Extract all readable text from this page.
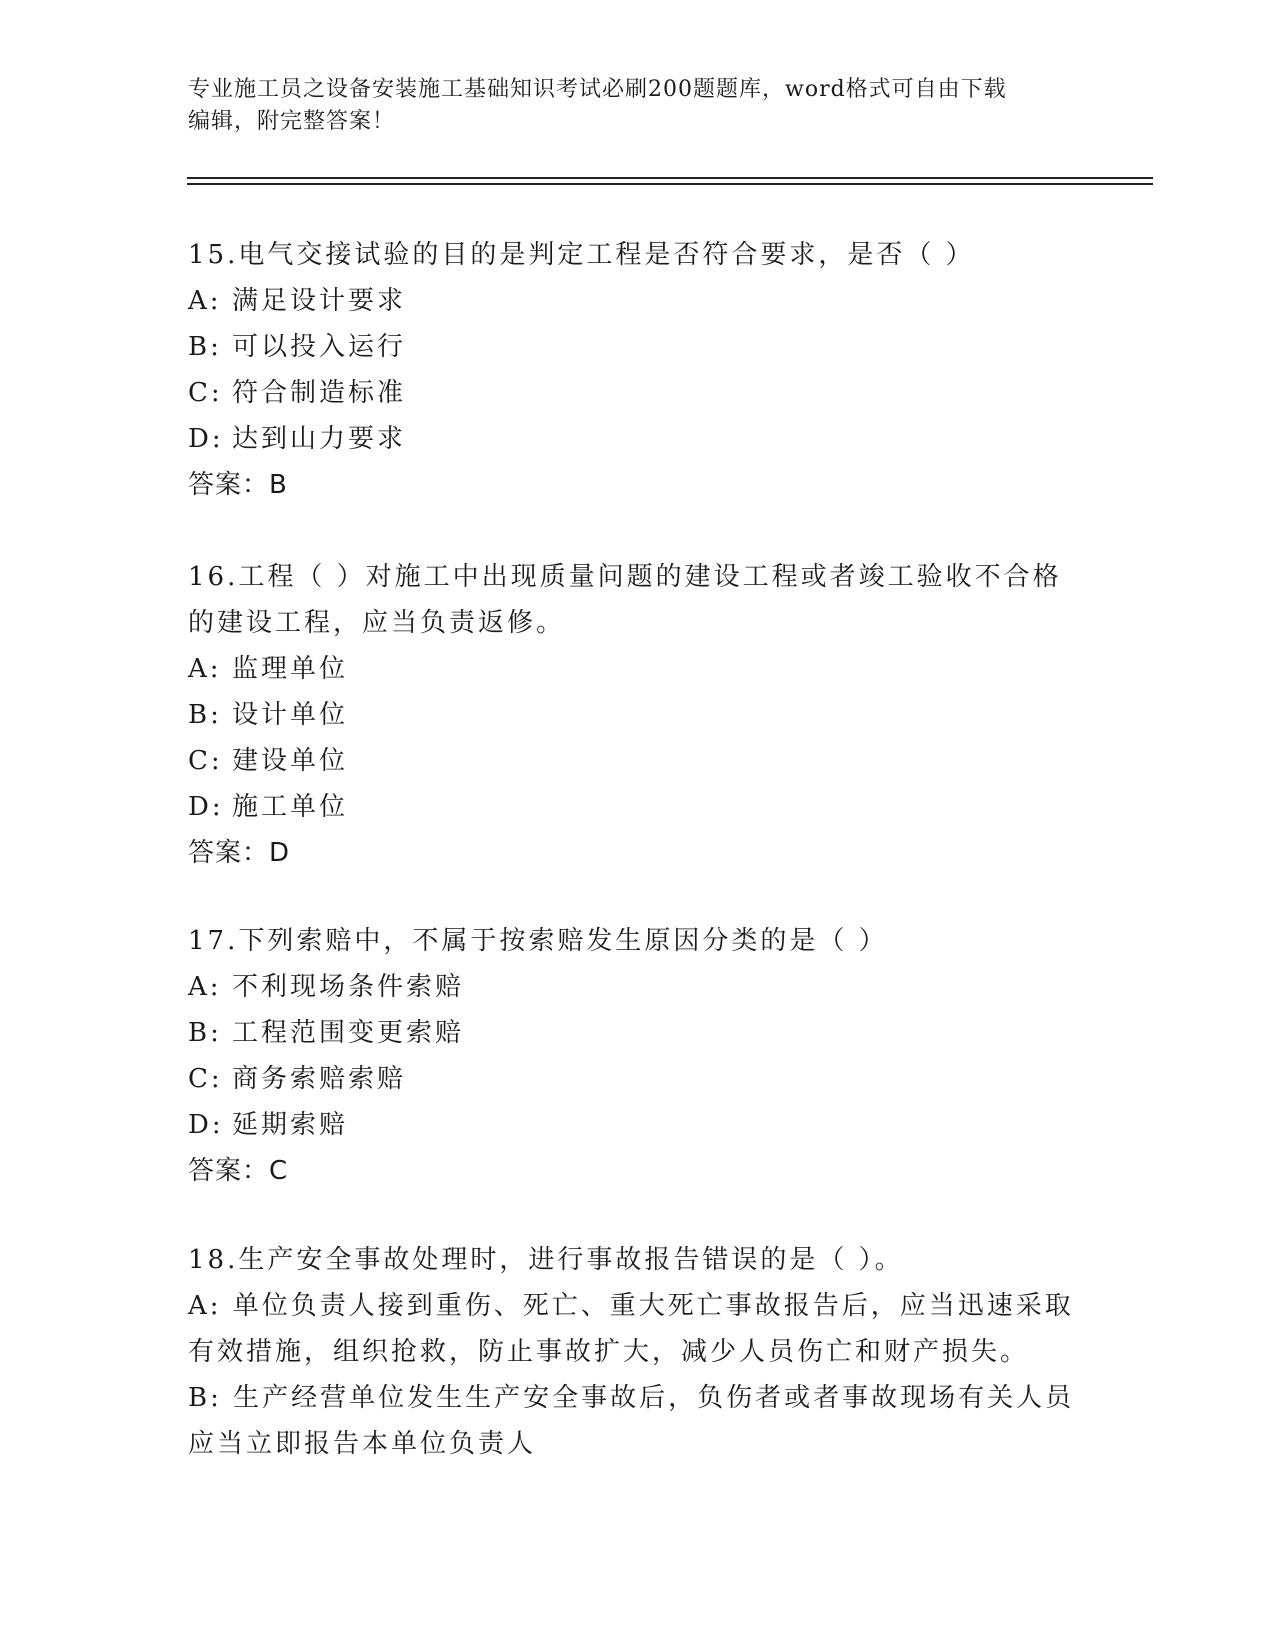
专业施工员之设备安装施工基础知识考试必刷200题题库，word格式可自由下载
编辑，附完整答案！
15.电气交接试验的目的是判定工程是否符合要求，是否（ ）
A: 满足设计要求
B: 可以投入运行
C: 符合制造标准
D: 达到山力要求
答案：B
16.工程（ ）对施工中出现质量问题的建设工程或者竣工验收不合格
的建设工程，应当负责返修。
A: 监理单位
B: 设计单位
C: 建设单位
D: 施工单位
答案：D
17.下列索赔中，不属于按索赔发生原因分类的是（ ）
A: 不利现场条件索赔
B: 工程范围变更索赔
C: 商务索赔索赔
D: 延期索赔
答案：C
18.生产安全事故处理时，进行事故报告错误的是（ ）。
A: 单位负责人接到重伤、死亡、重大死亡事故报告后，应当迅速采取
有效措施，组织抢救，防止事故扩大，减少人员伤亡和财产损失。
B: 生产经营单位发生生产安全事故后，负伤者或者事故现场有关人员
应当立即报告本单位负责人
